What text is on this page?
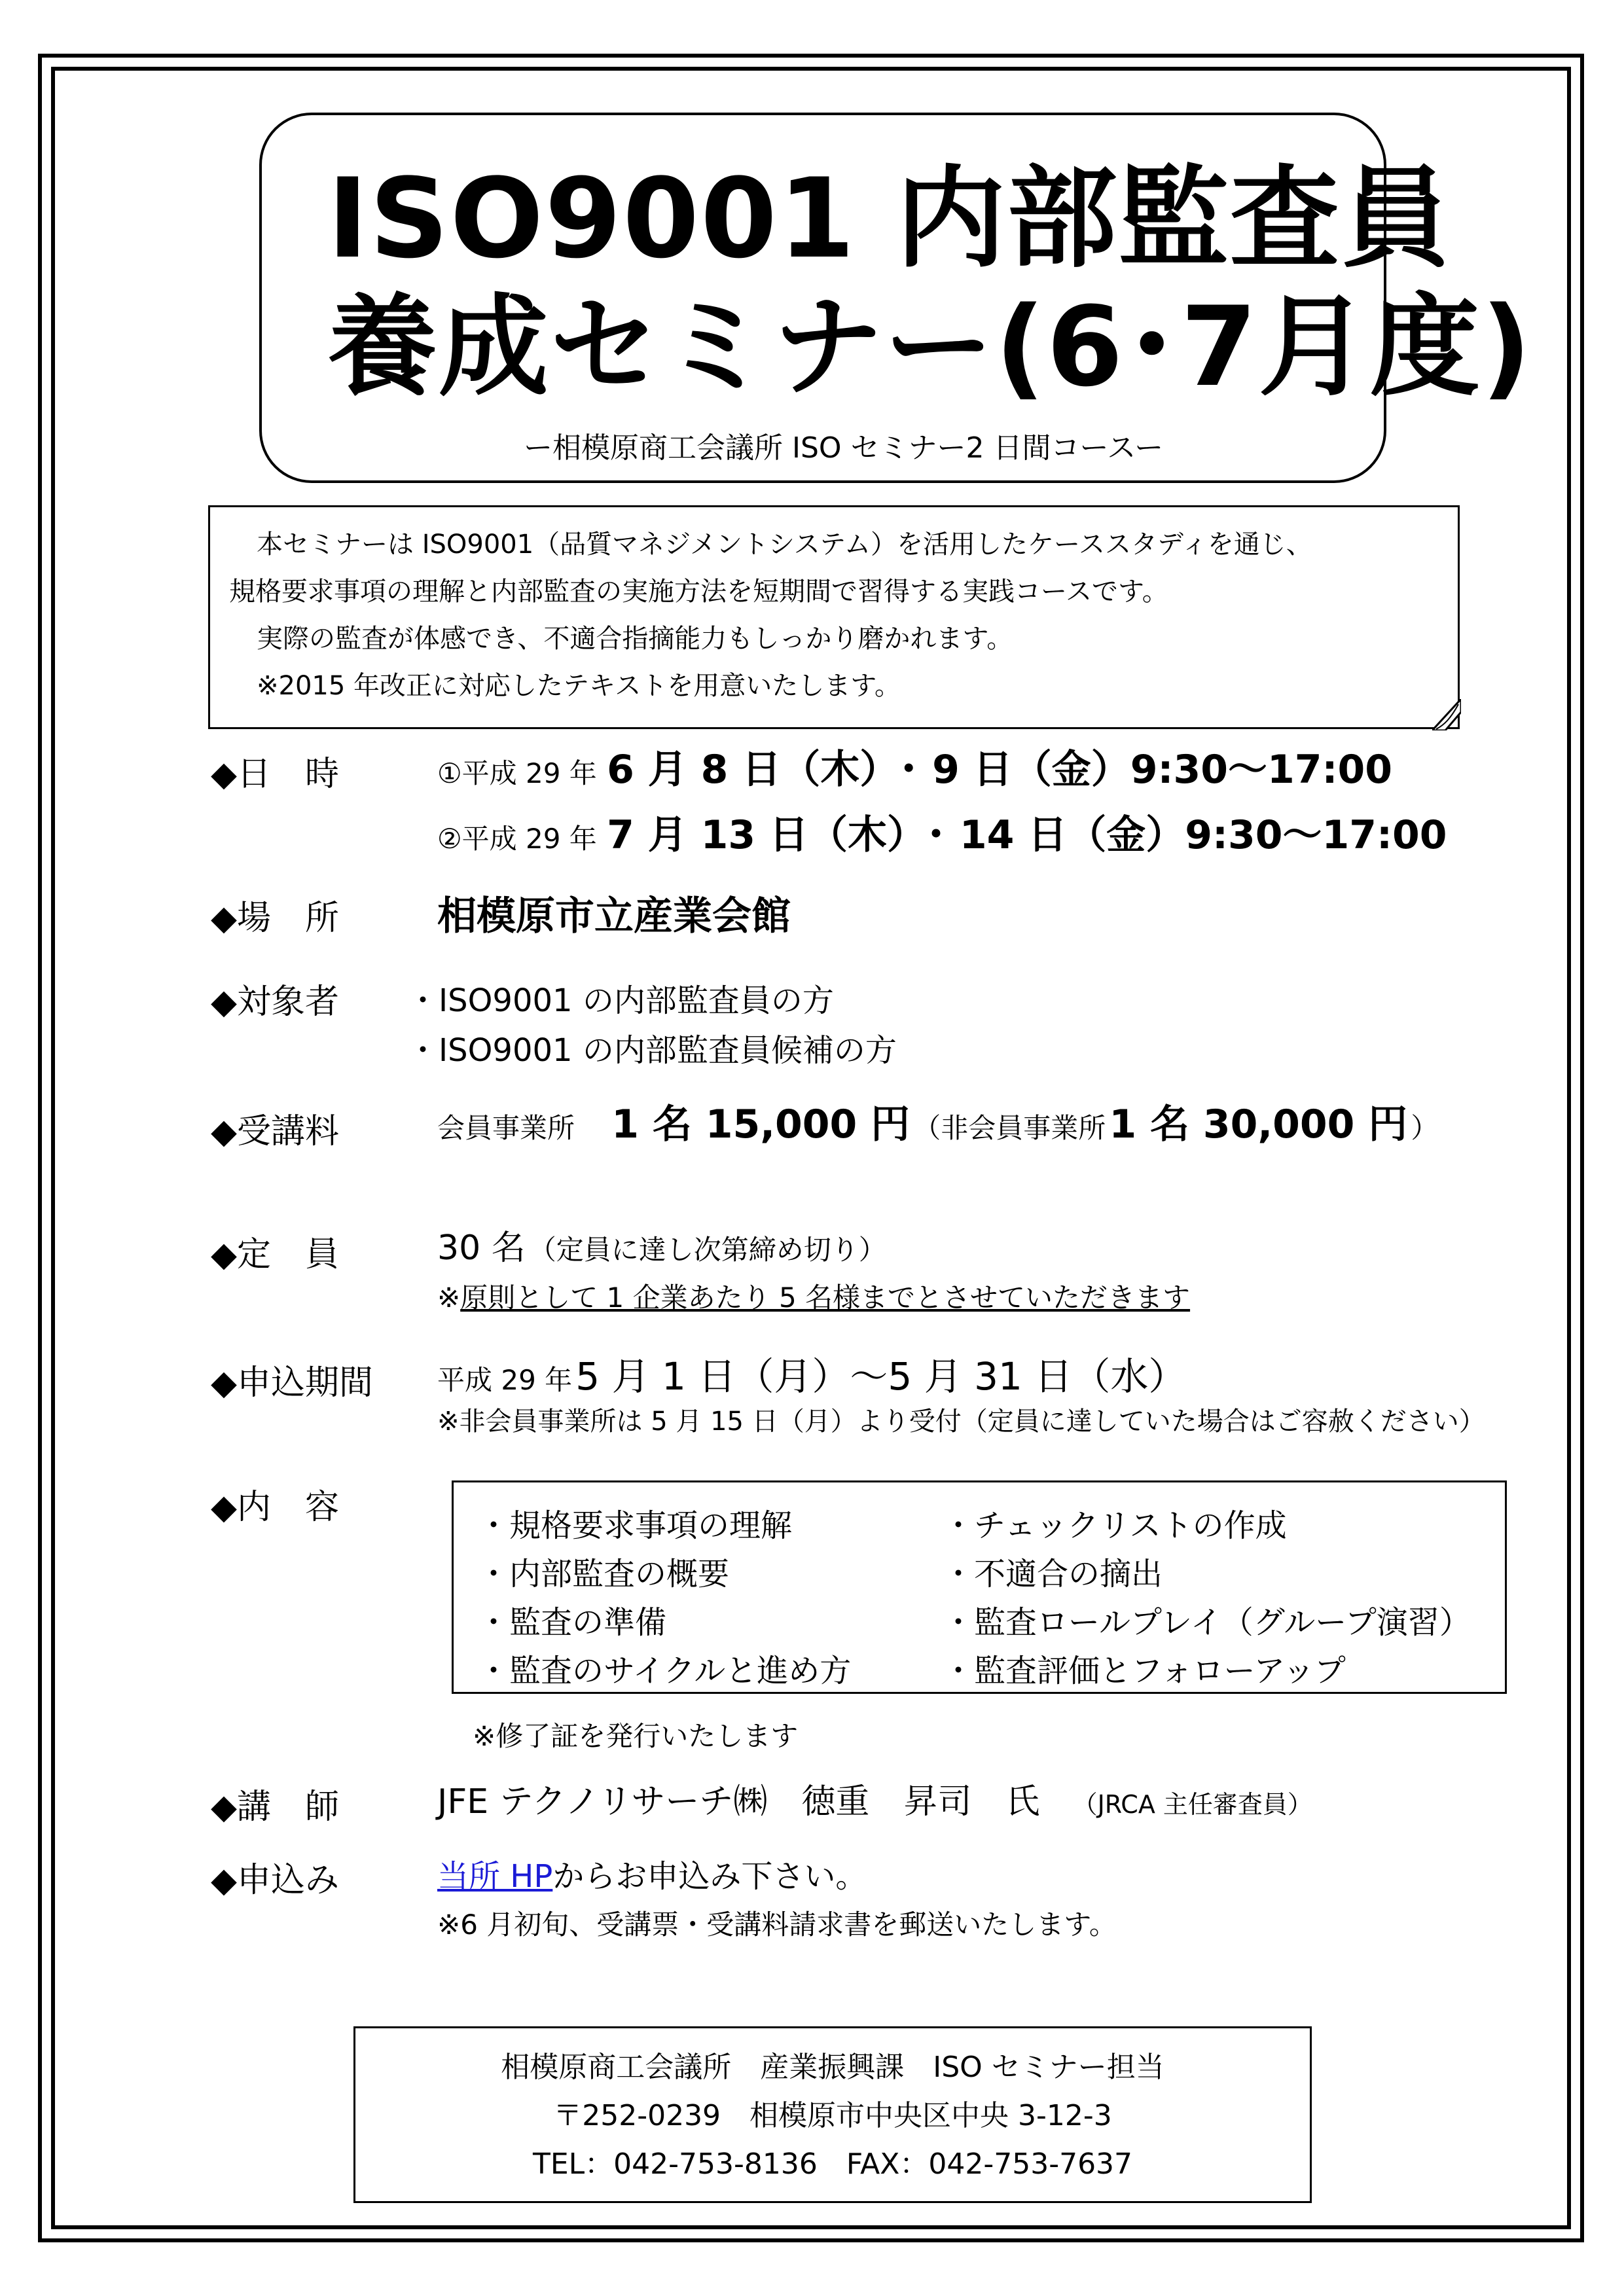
ISO9001 内部監査員
養成セミナー(6･7月度)
ー相模原商工会議所 ISO セミナー2 日間コースー
本セミナーは ISO9001（品質マネジメントシステム）を活用したケーススタディを通じ、
規格要求事項の理解と内部監査の実施方法を短期間で習得する実践コースです。
実際の監査が体感でき、不適合指摘能力もしっかり磨かれます。
※2015 年改正に対応したテキストを用意いたします。
◆日　時	①平成 29 年 6 月 8 日（木）･ 9 日（金）9:30～17:00
②平成 29 年 7 月 13 日（木）･ 14 日（金）9:30～17:00
◆場　所	相模原市立産業会館
◆対象者 ・ISO9001 の内部監査員の方
・ISO9001 の内部監査員候補の方
◆受講料	会員事業所 1 名 15,000 円 （非会員事業所 1 名 30,000 円 ）
◆定　員	30 名 （定員に達し次第締め切り）
※原則として 1 企業あたり 5 名様までとさせていただきます
◆申込期間 平成 29 年 5 月 1 日（月）～5 月 31 日（水）
※非会員事業所は 5 月 15 日（月）より受付（定員に達していた場合はご容赦ください）
◆内　容	・規格要求事項の理解
・内部監査の概要
・監査の準備
・監査のサイクルと進め方
・チェックリストの作成
・不適合の摘出
・監査ロールプレイ（グループ演習）
・監査評価とフォローアップ
※修了証を発行いたします
◆講　師	JFE テクノリサーチ㈱　徳重　昇司　氏 （JRCA 主任審査員）
◆申込み	当所 HPからお申込み下さい。
※6 月初旬、受講票・受講料請求書を郵送いたします。
相模原商工会議所　産業振興課　ISO セミナー担当
〒252-0239　相模原市中央区中央 3-12-3
TEL：042-753-8136　FAX：042-753-7637
